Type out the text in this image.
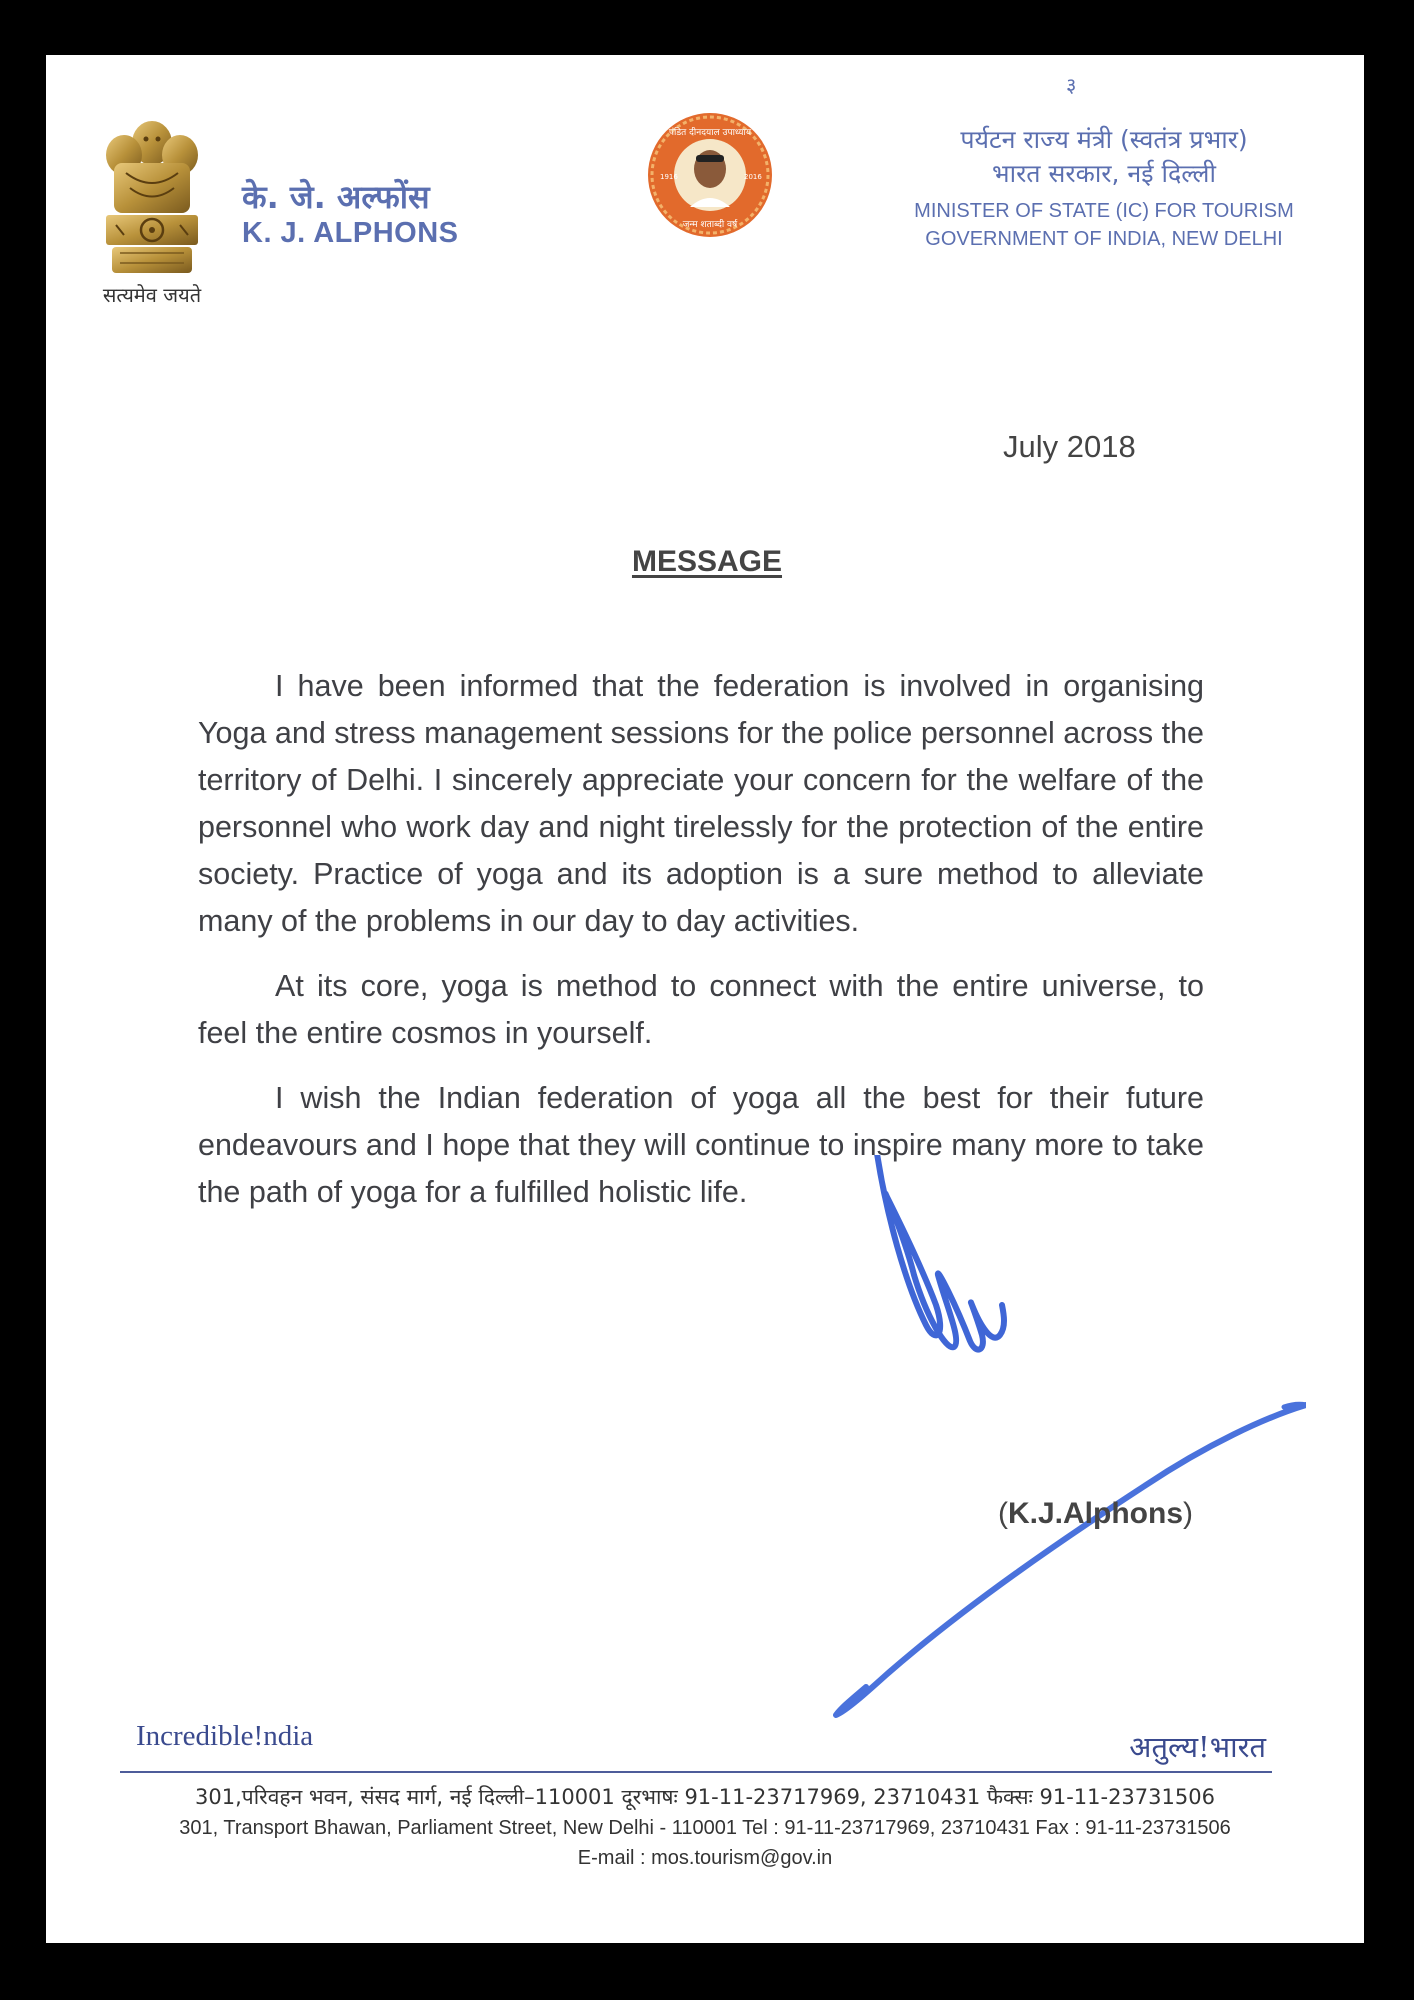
सत्यमेव जयते
के. जे. अल्फोंस
K. J. ALPHONS
पंडित दीनदयाल उपाध्याय
जन्म शताब्दी वर्ष
1916	2016
३
पर्यटन राज्य मंत्री (स्वतंत्र प्रभार)
भारत सरकार, नई दिल्ली
MINISTER OF STATE (IC) FOR TOURISM
GOVERNMENT OF INDIA, NEW DELHI
July 2018
MESSAGE

I have been informed that the federation is involved in organising Yoga and stress management sessions for the police personnel across the territory of Delhi. I sincerely appreciate your concern for the welfare of the personnel who work day and night tirelessly for the protection of the entire society. Practice of yoga and its adoption is a sure method to alleviate many of the problems in our day to day activities.

At its core, yoga is method to connect with the entire universe, to feel the entire cosmos in yourself.

I wish the Indian federation of yoga all the best for their future endeavours and I hope that they will continue to inspire many more to take the path of yoga for a fulfilled holistic life.

(K.J.Alphons)
Incredible!ndia	अतुल्य!भारत
301,परिवहन भवन, संसद मार्ग, नई दिल्ली–110001 दूरभाषः 91-11-23717969, 23710431 फैक्सः 91-11-23731506
301, Transport Bhawan, Parliament Street, New Delhi - 110001 Tel : 91-11-23717969, 23710431 Fax : 91-11-23731506
E-mail : mos.tourism@gov.in
